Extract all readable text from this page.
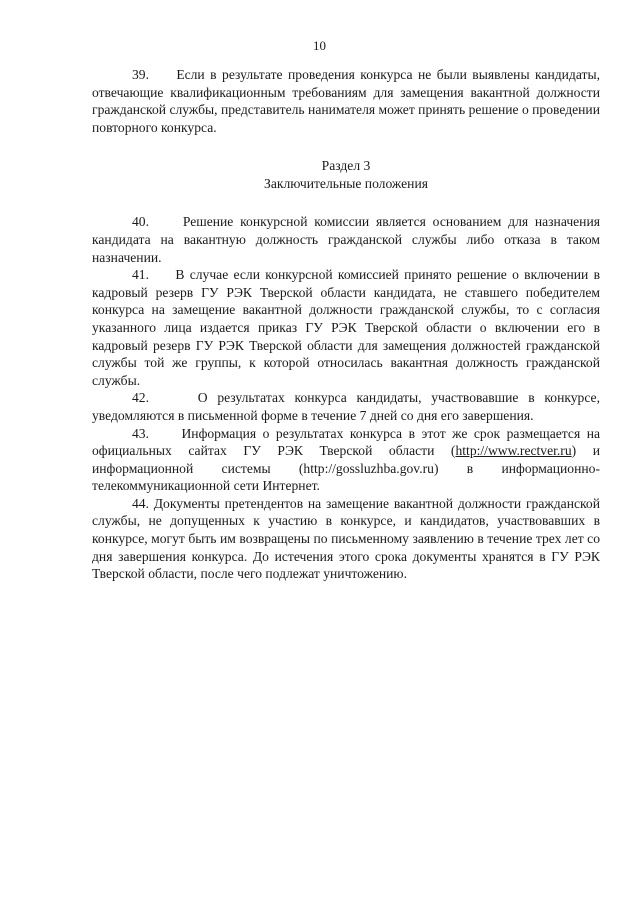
10

39. Если в результате проведения конкурса не были выявлены кандидаты, отвечающие квалификационным требованиям для замещения вакантной должности гражданской службы, представитель нанимателя может принять решение о проведении повторного конкурса.

Раздел 3
Заключительные положения

40. Решение конкурсной комиссии является основанием для назначения кандидата на вакантную должность гражданской службы либо отказа в таком назначении.

41. В случае если конкурсной комиссией принято решение о включении в кадровый резерв ГУ РЭК Тверской области кандидата, не ставшего победителем конкурса на замещение вакантной должности гражданской службы, то с согласия указанного лица издается приказ ГУ РЭК Тверской области о включении его в кадровый резерв ГУ РЭК Тверской области для замещения должностей гражданской службы той же группы, к которой относилась вакантная должность гражданской службы.

42.	О результатах конкурса кандидаты, участвовавшие в конкурсе, уведомляются в письменной форме в течение 7 дней со дня его завершения.

43. Информация о результатах конкурса в этот же срок размещается на официальных сайтах ГУ РЭК Тверской области (http://www.rectver.ru) и информационной системы (http://gossluzhba.gov.ru) в информационно-телекоммуникационной сети Интернет.

44. Документы претендентов на замещение вакантной должности гражданской службы, не допущенных к участию в конкурсе, и кандидатов, участвовавших в конкурсе, могут быть им возвращены по письменному заявлению в течение трех лет со дня завершения конкурса. До истечения этого срока документы хранятся в ГУ РЭК Тверской области, после чего подлежат уничтожению.
